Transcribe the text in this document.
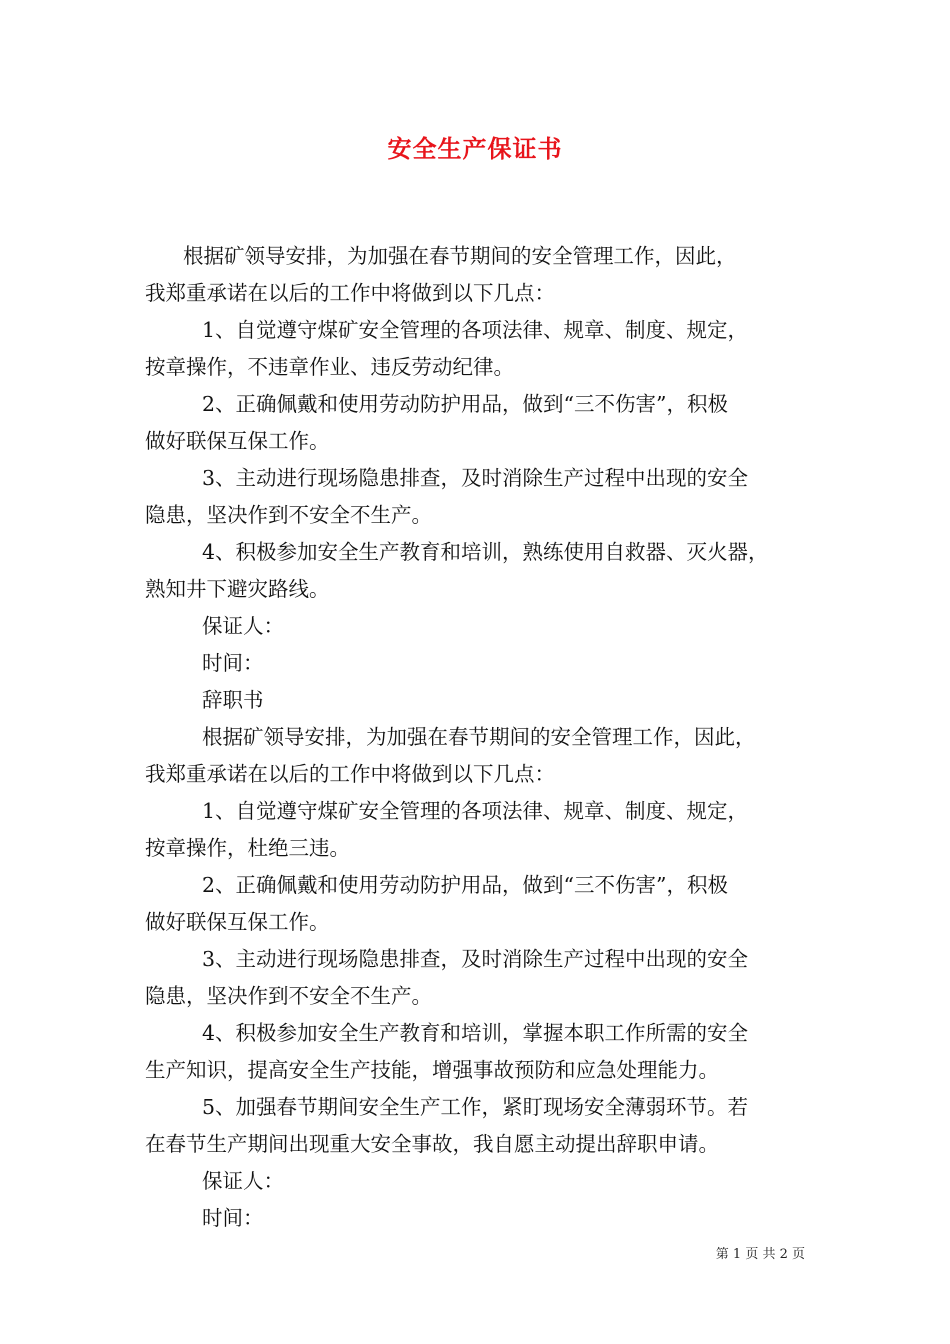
安全生产保证书
根据矿领导安排，为加强在春节期间的安全管理工作，因此，
我郑重承诺在以后的工作中将做到以下几点：
1、自觉遵守煤矿安全管理的各项法律、规章、制度、规定，
按章操作，不违章作业、违反劳动纪律。
2、正确佩戴和使用劳动防护用品，做到“三不伤害”，积极
做好联保互保工作。
3、主动进行现场隐患排查，及时消除生产过程中出现的安全
隐患，坚决作到不安全不生产。
4、积极参加安全生产教育和培训，熟练使用自救器、灭火器，
熟知井下避灾路线。
保证人：
时间：
辞职书
根据矿领导安排，为加强在春节期间的安全管理工作，因此，
我郑重承诺在以后的工作中将做到以下几点：
1、自觉遵守煤矿安全管理的各项法律、规章、制度、规定，
按章操作，杜绝三违。
2、正确佩戴和使用劳动防护用品，做到“三不伤害”，积极
做好联保互保工作。
3、主动进行现场隐患排查，及时消除生产过程中出现的安全
隐患，坚决作到不安全不生产。
4、积极参加安全生产教育和培训，掌握本职工作所需的安全
生产知识，提高安全生产技能，增强事故预防和应急处理能力。
5、加强春节期间安全生产工作，紧盯现场安全薄弱环节。若
在春节生产期间出现重大安全事故，我自愿主动提出辞职申请。
保证人：
时间：
第 1 页 共 2 页
